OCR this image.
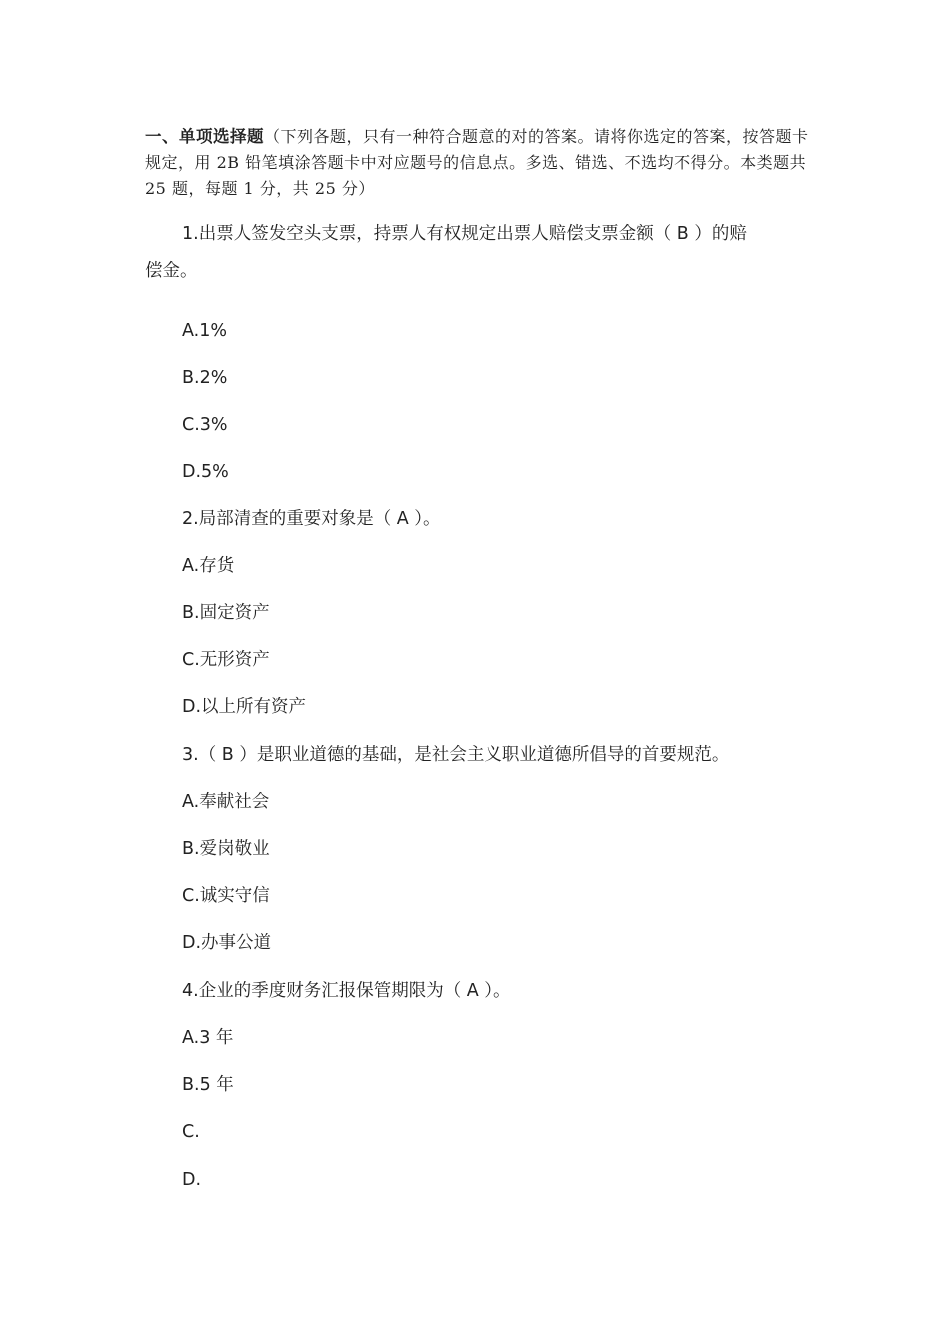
一、单项选择题（下列各题，只有一种符合题意的对的答案。请将你选定的答案，按答题卡规定，用 2B 铅笔填涂答题卡中对应题号的信息点。多选、错选、不选均不得分。本类题共 25 题，每题 1 分，共 25 分）
1.出票人签发空头支票，持票人有权规定出票人赔偿支票金额（ B ）的赔
偿金。
A.1%
B.2%
C.3%
D.5%
2.局部清查的重要对象是（ A ）。
A.存货
B.固定资产
C.无形资产
D.以上所有资产
3.（ B ）是职业道德的基础，是社会主义职业道德所倡导的首要规范。
A.奉献社会
B.爱岗敬业
C.诚实守信
D.办事公道
4.企业的季度财务汇报保管期限为（ A ）。
A.3 年
B.5 年
C.
D.
